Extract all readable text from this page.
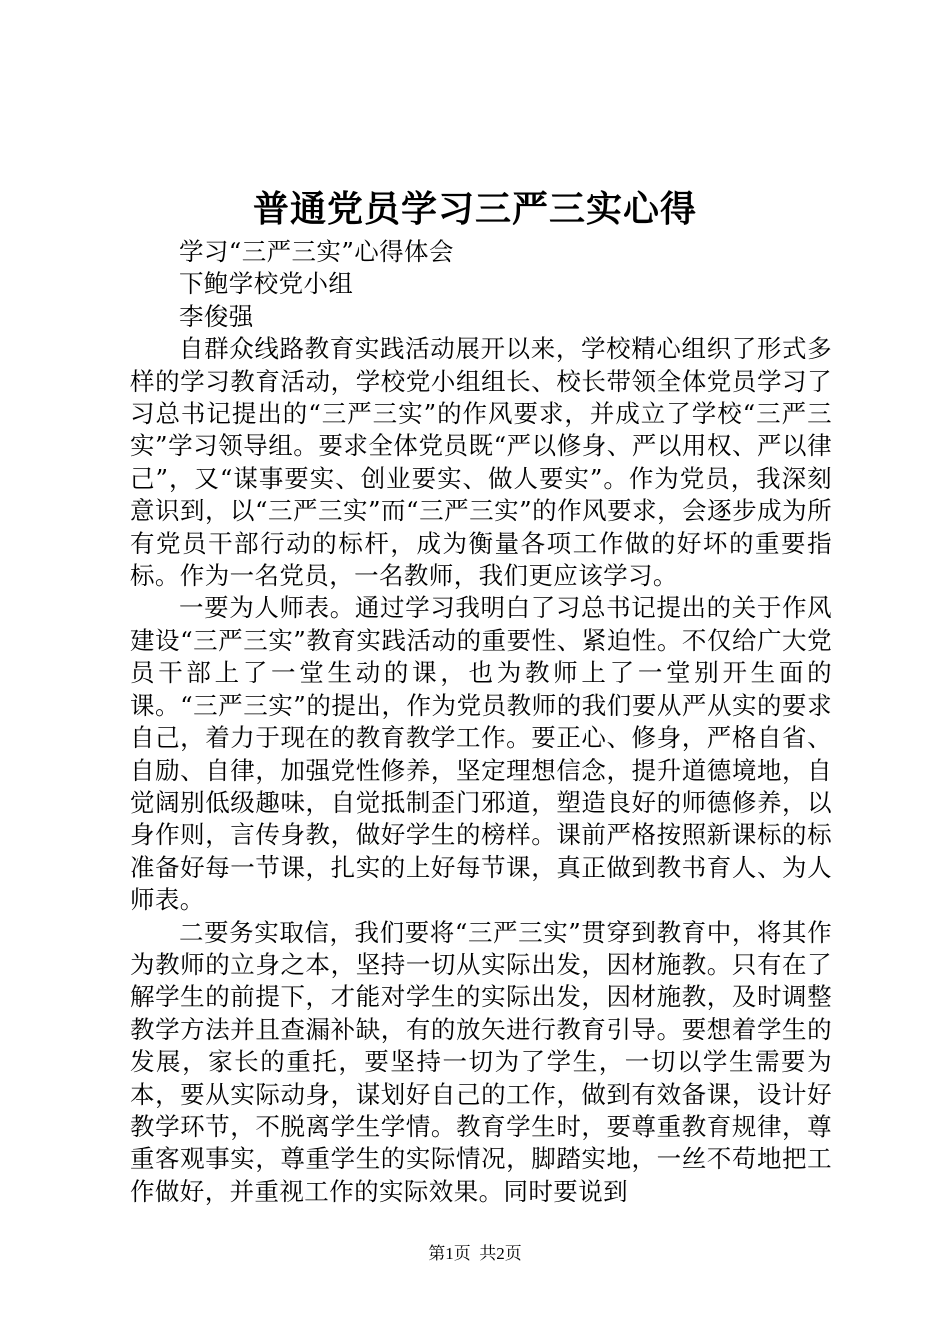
普通党员学习三严三实心得

学习“三严三实”心得体会

下鲍学校党小组

李俊强

自群众线路教育实践活动展开以来，学校精心组织了形式多样的学习教育活动，学校党小组组长、校长带领全体党员学习了习总书记提出的“三严三实”的作风要求，并成立了学校“三严三实”学习领导组。要求全体党员既“严以修身、严以用权、严以律己”，又“谋事要实、创业要实、做人要实”。作为党员，我深刻意识到，以“三严三实”而“三严三实”的作风要求，会逐步成为所有党员干部行动的标杆，成为衡量各项工作做的好坏的重要指标。作为一名党员，一名教师，我们更应该学习。

一要为人师表。通过学习我明白了习总书记提出的关于作风建设“三严三实”教育实践活动的重要性、紧迫性。不仅给广大党员干部上了一堂生动的课，也为教师上了一堂别开生面的课。“三严三实”的提出，作为党员教师的我们要从严从实的要求自己，着力于现在的教育教学工作。要正心、修身，严格自省、自励、自律，加强党性修养，坚定理想信念，提升道德境地，自觉阔别低级趣味，自觉抵制歪门邪道，塑造良好的师德修养，以身作则，言传身教，做好学生的榜样。课前严格按照新课标的标准备好每一节课，扎实的上好每节课，真正做到教书育人、为人师表。

二要务实取信，我们要将“三严三实”贯穿到教育中，将其作为教师的立身之本，坚持一切从实际出发，因材施教。只有在了解学生的前提下，才能对学生的实际出发，因材施教，及时调整教学方法并且查漏补缺，有的放矢进行教育引导。要想着学生的发展，家长的重托，要坚持一切为了学生，一切以学生需要为本，要从实际动身，谋划好自己的工作，做到有效备课，设计好教学环节，不脱离学生学情。教育学生时，要尊重教育规律，尊重客观事实，尊重学生的实际情况，脚踏实地，一丝不苟地把工作做好，并重视工作的实际效果。同时要说到

第1页 共2页
